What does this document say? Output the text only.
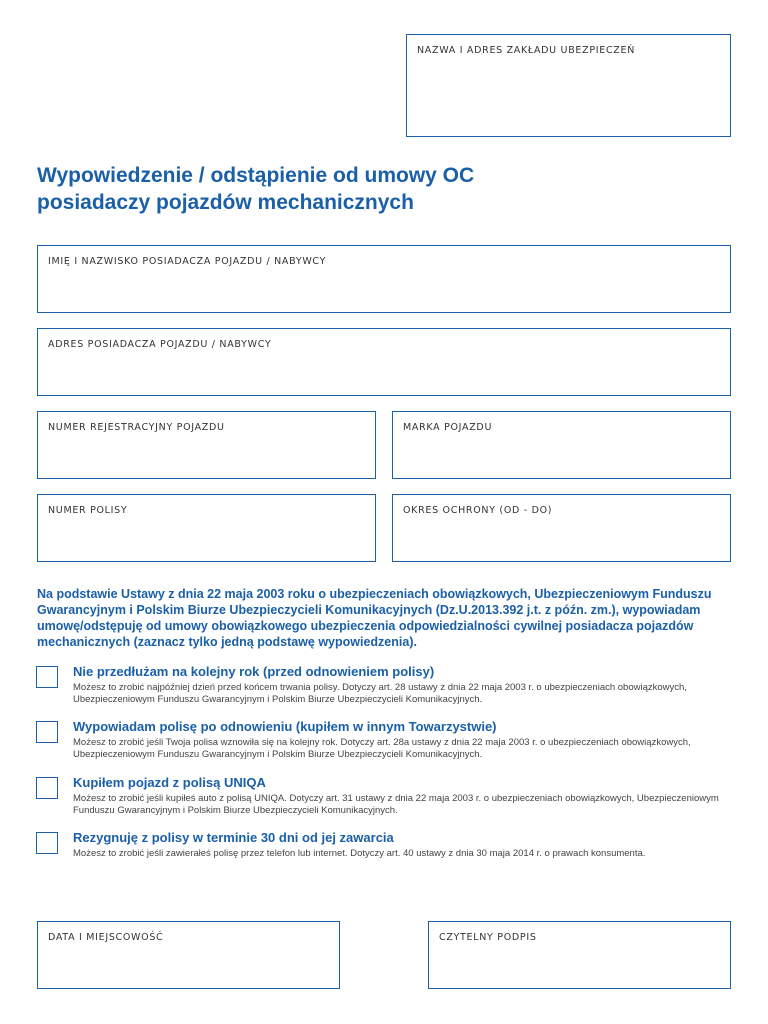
NAZWA I ADRES ZAKŁADU UBEZPIECZEŃ
Wypowiedzenie / odstąpienie od umowy OC
posiadaczy pojazdów mechanicznych
IMIĘ I NAZWISKO POSIADACZA POJAZDU / NABYWCY
ADRES POSIADACZA POJAZDU / NABYWCY
NUMER REJESTRACYJNY POJAZDU	MARKA POJAZDU
NUMER POLISY	OKRES OCHRONY (OD - DO)
Na podstawie Ustawy z dnia 22 maja 2003 roku o ubezpieczeniach obowiązkowych, Ubezpieczeniowym Funduszu Gwarancyjnym i Polskim Biurze Ubezpieczycieli Komunikacyjnych (Dz.U.2013.392 j.t. z późn. zm.), wypowiadam umowę/odstępuję od umowy obowiązkowego ubezpieczenia odpowiedzialności cywilnej posiadacza pojazdów mechanicznych (zaznacz tylko jedną podstawę wypowiedzenia).
Nie przedłużam na kolejny rok (przed odnowieniem polisy)
Możesz to zrobić najpóźniej dzień przed końcem trwania polisy. Dotyczy art. 28 ustawy z dnia 22 maja 2003 r. o ubezpieczeniach obowiązkowych, Ubezpieczeniowym Funduszu Gwarancyjnym i Polskim Biurze Ubezpieczycieli Komunikacyjnych.
Wypowiadam polisę po odnowieniu (kupiłem w innym Towarzystwie)
Możesz to zrobić jeśli Twoja polisa wznowiła się na kolejny rok. Dotyczy art. 28a ustawy z dnia 22 maja 2003 r. o ubezpieczeniach obowiązkowych, Ubezpieczeniowym Funduszu Gwarancyjnym i Polskim Biurze Ubezpieczycieli Komunikacyjnych.
Kupiłem pojazd z polisą UNIQA
Możesz to zrobić jeśli kupiłeś auto z polisą UNIQA. Dotyczy art. 31 ustawy z dnia 22 maja 2003 r. o ubezpieczeniach obowiązkowych, Ubezpieczeniowym Funduszu Gwarancyjnym i Polskim Biurze Ubezpieczycieli Komunikacyjnych.
Rezygnuję z polisy w terminie 30 dni od jej zawarcia
Możesz to zrobić jeśli zawierałeś polisę przez telefon lub internet. Dotyczy art. 40 ustawy z dnia 30 maja 2014 r. o prawach konsumenta.
DATA I MIEJSCOWOŚĆ	CZYTELNY PODPIS
